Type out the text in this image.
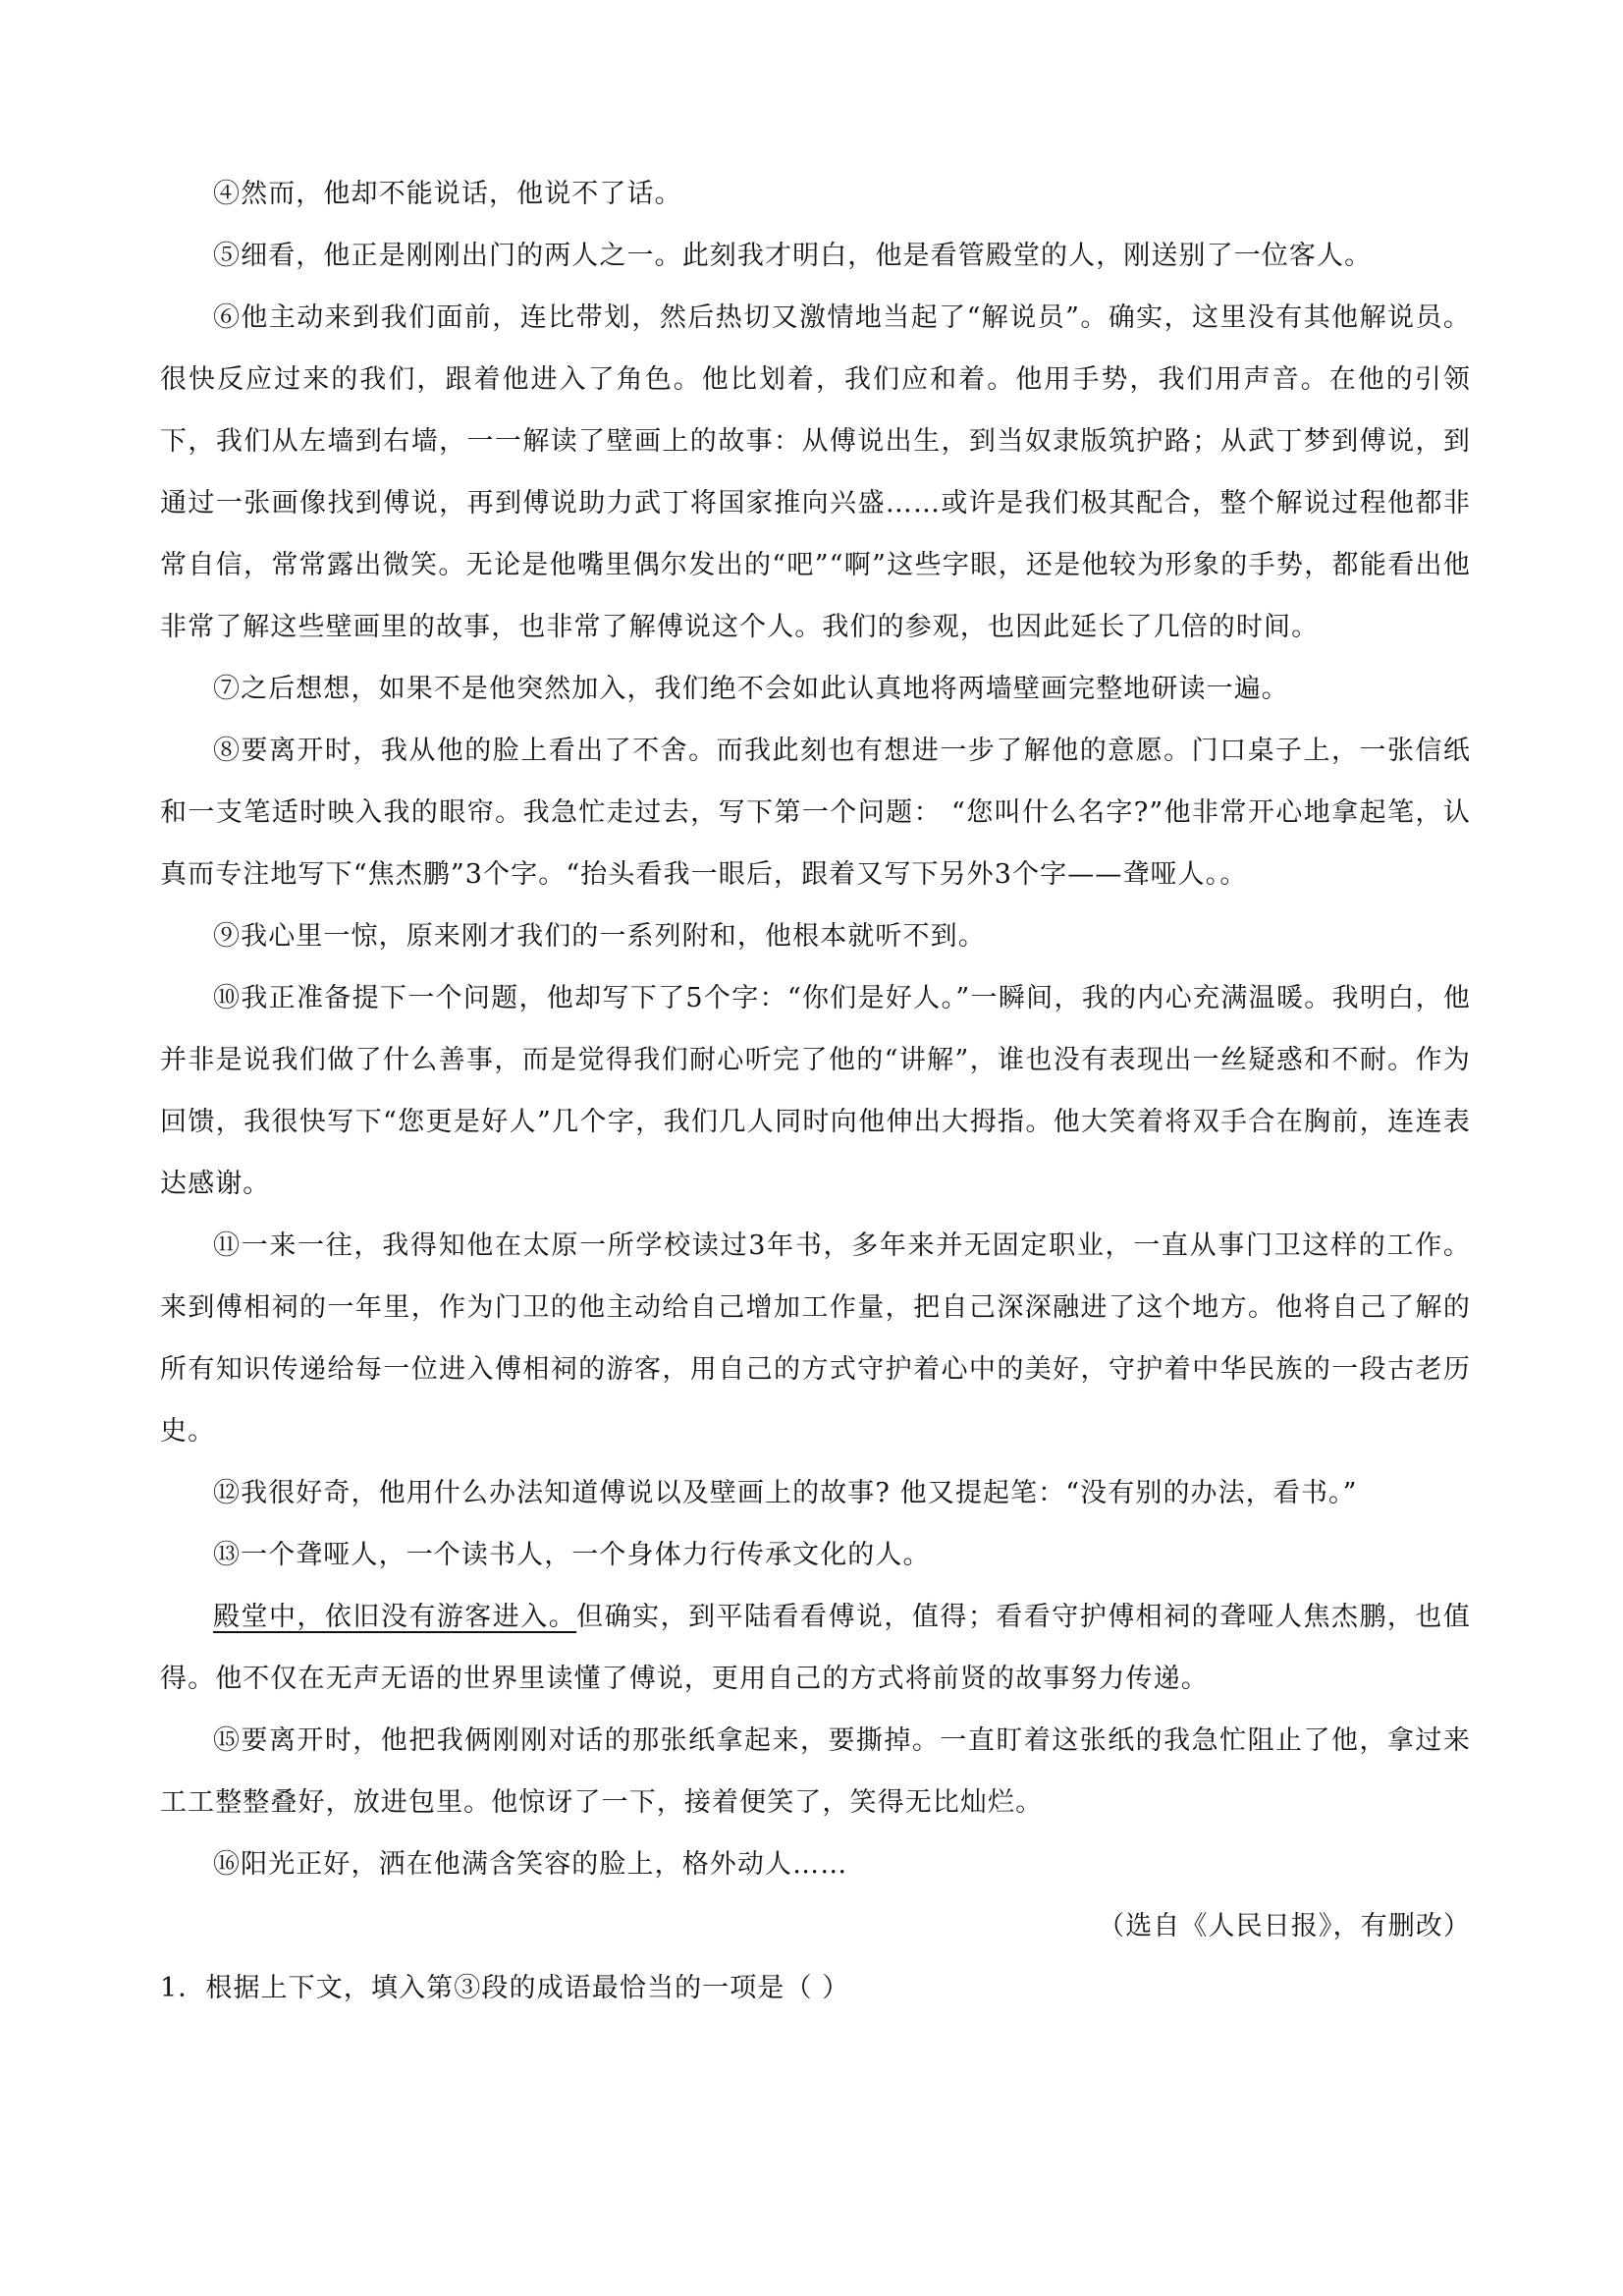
④然而，他却不能说话，他说不了话。

⑤细看，他正是刚刚出门的两人之一。此刻我才明白，他是看管殿堂的人，刚送别了一位客人。

⑥他主动来到我们面前，连比带划，然后热切又激情地当起了“解说员”。确实，这里没有其他解说员。很快反应过来的我们，跟着他进入了角色。他比划着，我们应和着。他用手势，我们用声音。在他的引领下，我们从左墙到右墙，一一解读了壁画上的故事：从傅说出生，到当奴隶版筑护路；从武丁梦到傅说，到通过一张画像找到傅说，再到傅说助力武丁将国家推向兴盛……或许是我们极其配合，整个解说过程他都非常自信，常常露出微笑。无论是他嘴里偶尔发出的“吧”“啊”这些字眼，还是他较为形象的手势，都能看出他非常了解这些壁画里的故事，也非常了解傅说这个人。我们的参观，也因此延长了几倍的时间。

⑦之后想想，如果不是他突然加入，我们绝不会如此认真地将两墙壁画完整地研读一遍。

⑧要离开时，我从他的脸上看出了不舍。而我此刻也有想进一步了解他的意愿。门口桌子上，一张信纸和一支笔适时映入我的眼帘。我急忙走过去，写下第一个问题： “您叫什么名字?”他非常开心地拿起笔，认真而专注地写下“焦杰鹏”3个字。“抬头看我一眼后，跟着又写下另外3个字——聋哑人。。

⑨我心里一惊，原来刚才我们的一系列附和，他根本就听不到。

⑩我正准备提下一个问题，他却写下了5个字：“你们是好人。”一瞬间，我的内心充满温暖。我明白，他并非是说我们做了什么善事，而是觉得我们耐心听完了他的“讲解”，谁也没有表现出一丝疑惑和不耐。作为回馈，我很快写下“您更是好人”几个字，我们几人同时向他伸出大拇指。他大笑着将双手合在胸前，连连表达感谢。

⑪一来一往，我得知他在太原一所学校读过3年书，多年来并无固定职业，一直从事门卫这样的工作。来到傅相祠的一年里，作为门卫的他主动给自己增加工作量，把自己深深融进了这个地方。他将自己了解的所有知识传递给每一位进入傅相祠的游客，用自己的方式守护着心中的美好，守护着中华民族的一段古老历史。

⑫我很好奇，他用什么办法知道傅说以及壁画上的故事? 他又提起笔：“没有别的办法，看书。”

⑬一个聋哑人，一个读书人，一个身体力行传承文化的人。

殿堂中，依旧没有游客进入。但确实，到平陆看看傅说，值得；看看守护傅相祠的聋哑人焦杰鹏，也值得。他不仅在无声无语的世界里读懂了傅说，更用自己的方式将前贤的故事努力传递。

⑮要离开时，他把我俩刚刚对话的那张纸拿起来，要撕掉。一直盯着这张纸的我急忙阻止了他，拿过来工工整整叠好，放进包里。他惊讶了一下，接着便笑了，笑得无比灿烂。

⑯阳光正好，洒在他满含笑容的脸上，格外动人……

（选自《人民日报》，有删改）

1．根据上下文，填入第③段的成语最恰当的一项是（ ）
